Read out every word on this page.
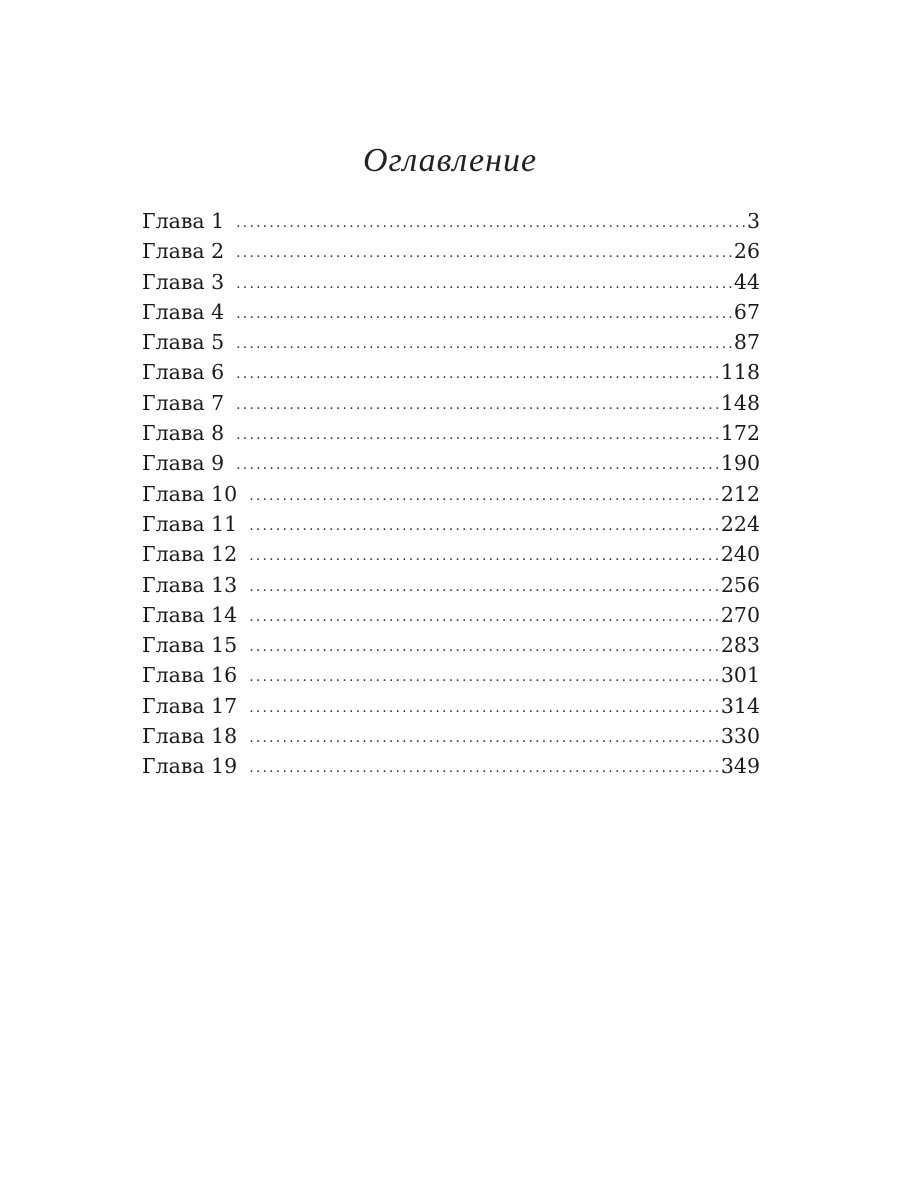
Оглавление
Глава 1 .....	3
Глава 2 .....	26
Глава 3 .....	44
Глава 4 .....	67
Глава 5 .....	87
Глава 6 .....	118
Глава 7 .....	148
Глава 8 .....	172
Глава 9 .....	190
Глава 10 .....	212
Глава 11 .....	224
Глава 12 .....	240
Глава 13 .....	256
Глава 14 .....	270
Глава 15 .....	283
Глава 16 .....	301
Глава 17 .....	314
Глава 18 .....	330
Глава 19 .....	349
